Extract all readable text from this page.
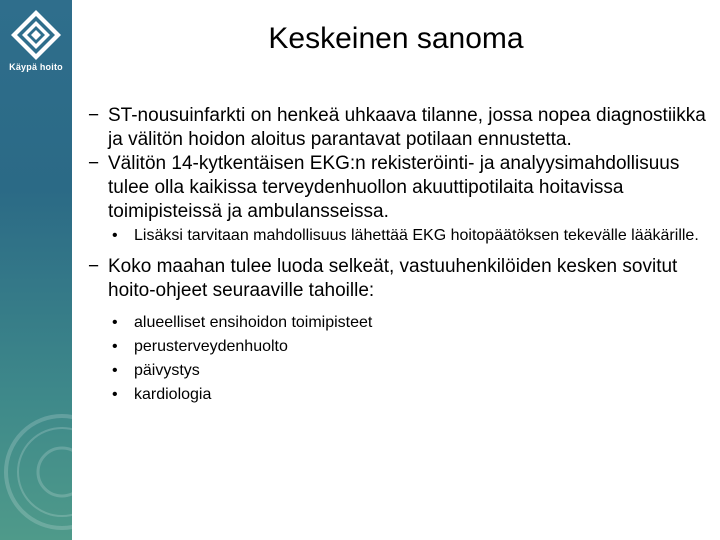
Käypä hoito
Keskeinen sanoma
− ST-nousuinfarkti on henkeä uhkaava tilanne, jossa nopea diagnostiikka ja välitön hoidon aloitus parantavat potilaan ennustetta.
− Välitön 14-kytkentäisen EKG:n rekisteröinti- ja analyysimahdollisuus tulee olla kaikissa terveydenhuollon akuuttipotilaita hoitavissa toimipisteissä ja ambulansseissa.
• Lisäksi tarvitaan mahdollisuus lähettää EKG hoitopäätöksen tekevälle lääkärille.
− Koko maahan tulee luoda selkeät, vastuuhenkilöiden kesken sovitut hoito-ohjeet seuraaville tahoille:
• alueelliset ensihoidon toimipisteet
• perusterveydenhuolto
• päivystys
• kardiologia
